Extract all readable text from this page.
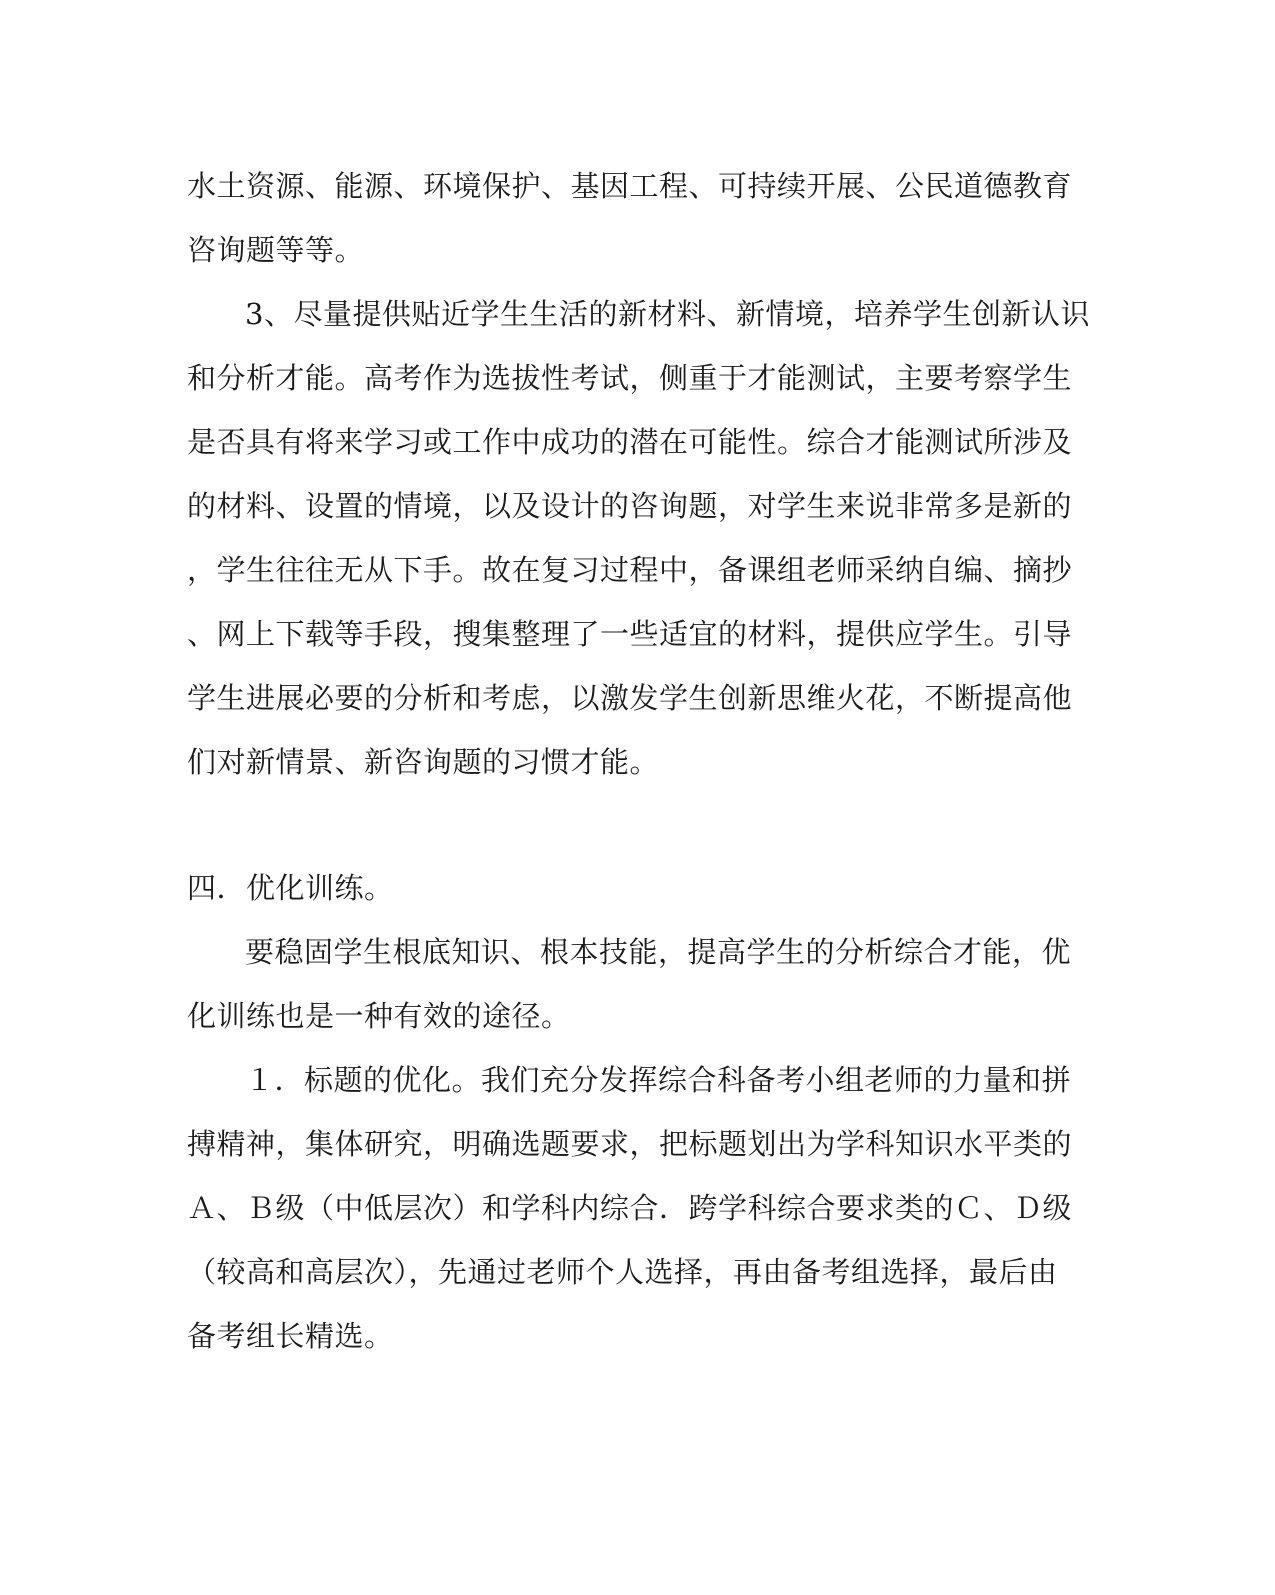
水土资源、能源、环境保护、基因工程、可持续开展、公民道德教育
咨询题等等。
3、尽量提供贴近学生生活的新材料、新情境，培养学生创新认识
和分析才能。高考作为选拔性考试，侧重于才能测试，主要考察学生
是否具有将来学习或工作中成功的潜在可能性。综合才能测试所涉及
的材料、设置的情境，以及设计的咨询题，对学生来说非常多是新的
，学生往往无从下手。故在复习过程中，备课组老师采纳自编、摘抄
、网上下载等手段，搜集整理了一些适宜的材料，提供应学生。引导
学生进展必要的分析和考虑，以激发学生创新思维火花，不断提高他
们对新情景、新咨询题的习惯才能。
四．优化训练。
要稳固学生根底知识、根本技能，提高学生的分析综合才能，优
化训练也是一种有效的途径。
１．标题的优化。我们充分发挥综合科备考小组老师的力量和拼
搏精神，集体研究，明确选题要求，把标题划出为学科知识水平类的
Ａ、Ｂ级（中低层次）和学科内综合．跨学科综合要求类的Ｃ、Ｄ级
（较高和高层次），先通过老师个人选择，再由备考组选择，最后由
备考组长精选。
